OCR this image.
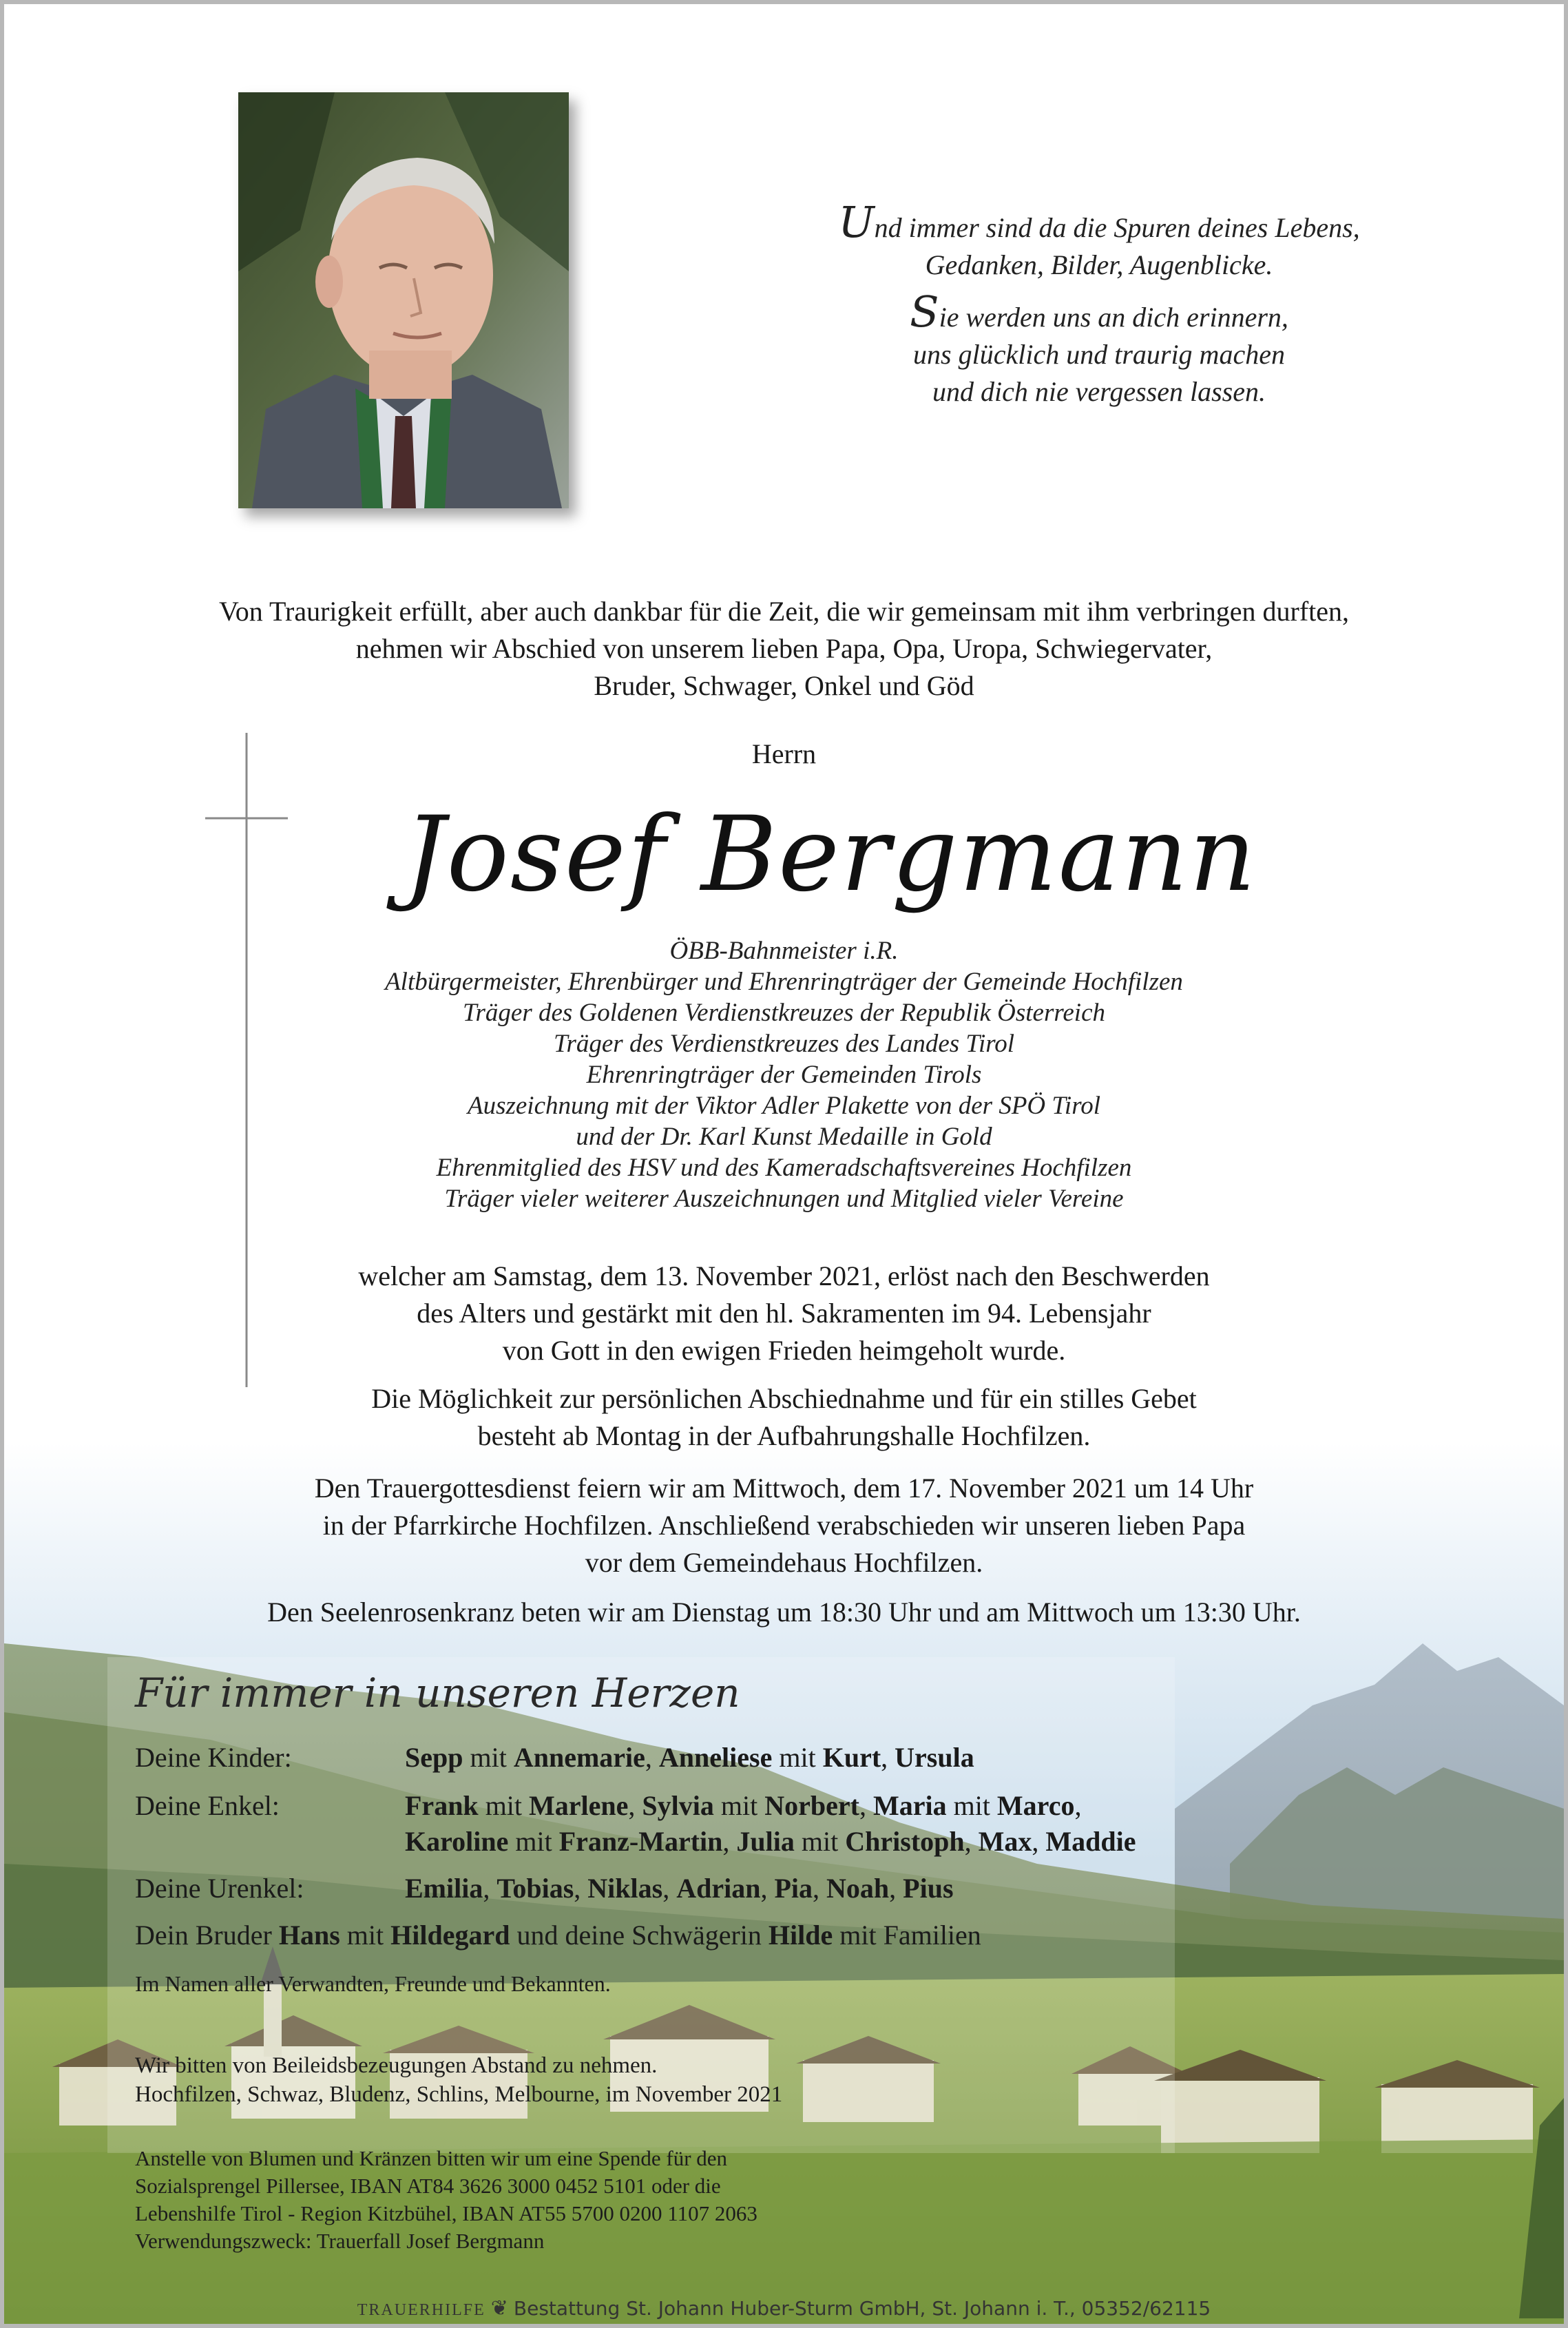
Und immer sind da die Spuren deines Lebens,

Gedanken, Bilder, Augenblicke.

Sie werden uns an dich erinnern,

uns glücklich und traurig machen

und dich nie vergessen lassen.

Von Traurigkeit erfüllt, aber auch dankbar für die Zeit, die wir gemeinsam mit ihm verbringen durften,

nehmen wir Abschied von unserem lieben Papa, Opa, Uropa, Schwiegervater,

Bruder, Schwager, Onkel und Göd

Herrn
Josef Bergmann

ÖBB-Bahnmeister i.R.

Altbürgermeister, Ehrenbürger und Ehrenringträger der Gemeinde Hochfilzen

Träger des Goldenen Verdienstkreuzes der Republik Österreich

Träger des Verdienstkreuzes des Landes Tirol

Ehrenringträger der Gemeinden Tirols

Auszeichnung mit der Viktor Adler Plakette von der SPÖ Tirol

und der Dr. Karl Kunst Medaille in Gold

Ehrenmitglied des HSV und des Kameradschaftsvereines Hochfilzen

Träger vieler weiterer Auszeichnungen und Mitglied vieler Vereine

welcher am Samstag, dem 13. November 2021, erlöst nach den Beschwerden

des Alters und gestärkt mit den hl. Sakramenten im 94. Lebensjahr

von Gott in den ewigen Frieden heimgeholt wurde.

Die Möglichkeit zur persönlichen Abschiednahme und für ein stilles Gebet

besteht ab Montag in der Aufbahrungshalle Hochfilzen.

Den Trauergottesdienst feiern wir am Mittwoch, dem 17. November 2021 um 14 Uhr

in der Pfarrkirche Hochfilzen. Anschließend verabschieden wir unseren lieben Papa

vor dem Gemeindehaus Hochfilzen.

Den Seelenrosenkranz beten wir am Dienstag um 18:30 Uhr und am Mittwoch um 13:30 Uhr.

Für immer in unseren Herzen
Deine Kinder:	Sepp mit Annemarie, Anneliese mit Kurt, Ursula
Deine Enkel:	Frank mit Marlene, Sylvia mit Norbert, Maria mit Marco,
Karoline mit Franz-Martin, Julia mit Christoph, Max, Maddie
Deine Urenkel:	Emilia, Tobias, Niklas, Adrian, Pia, Noah, Pius
Dein Bruder Hans mit Hildegard und deine Schwägerin Hilde mit Familien
Im Namen aller Verwandten, Freunde und Bekannten.

Wir bitten von Beileidsbezeugungen Abstand zu nehmen.

Hochfilzen, Schwaz, Bludenz, Schlins, Melbourne, im November 2021

Anstelle von Blumen und Kränzen bitten wir um eine Spende für den

Sozialsprengel Pillersee, IBAN AT84 3626 3000 0452 5101 oder die

Lebenshilfe Tirol - Region Kitzbühel, IBAN AT55 5700 0200 1107 2063

Verwendungszweck: Trauerfall Josef Bergmann

TRAUERHILFE ❦ Bestattung St. Johann Huber-Sturm GmbH, St. Johann i. T., 05352/62115
